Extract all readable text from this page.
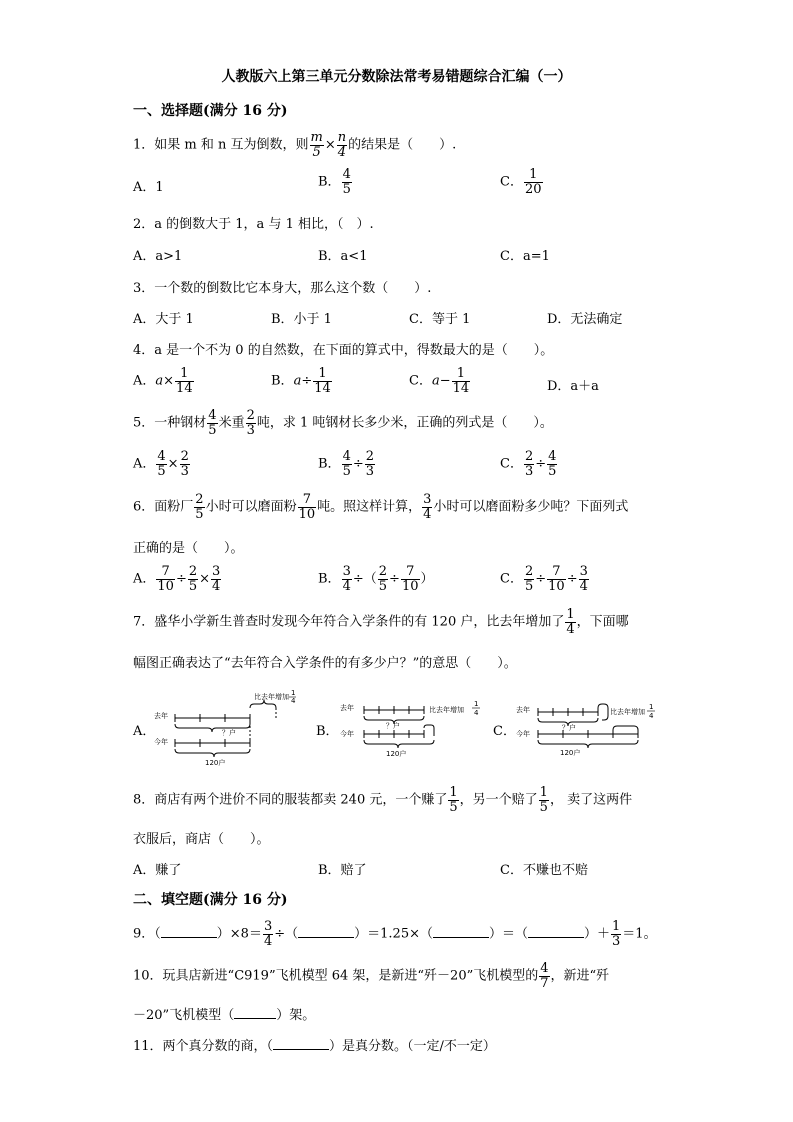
人教版六上第三单元分数除法常考易错题综合汇编（一）
一、选择题(满分 16 分)
1．如果 m 和 n 互为倒数，则 $\frac{m}{5} \times \frac{n}{4}$ 的结果是（　　）.
A．1	B． $\frac{4}{5}$	C． $\frac{1}{20}$
2．a 的倒数大于 1，a 与 1 相比，（　）.
A．a>1	B．a<1	C．a=1
3．一个数的倒数比它本身大，那么这个数（　　）.
A．大于 1	B．小于 1	C．等于 1	D．无法确定
4．a 是一个不为 0 的自然数，在下面的算式中，得数最大的是（　　）。
A．$a\times \frac{1}{14}$	B．$a\div \frac{1}{14}$	C．$a- \frac{1}{14}$	D．a＋a
5．一种钢材 $\frac{4}{5}$ 米重 $\frac{2}{3}$ 吨，求 1 吨钢材长多少米，正确的列式是（　　）。
A． $\frac{4}{5} \times \frac{2}{3}$	B． $\frac{4}{5} \div \frac{2}{3}$	C． $\frac{2}{3} \div \frac{4}{5}$
6．面粉厂 $\frac{2}{5}$ 小时可以磨面粉 $\frac{7}{10}$ 吨。照这样计算， $\frac{3}{4}$ 小时可以磨面粉多少吨？下面列式
正确的是（　　）。
A． $\frac{7}{10} \div \frac{2}{5} \times \frac{3}{4}$	B． $\frac{3}{4}$ ÷（ $\frac{2}{5} \div \frac{7}{10}$ ）	C． $\frac{2}{5} \div \frac{7}{10} \div \frac{3}{4}$
7．盛华小学新生普查时发现今年符合入学条件的有 120 户，比去年增加了 $\frac{1}{4}$ ，下面哪
幅图正确表达了“去年符合入学条件的有多少户？”的意思（　　）。
A．	B．	C．
去年
今年
？户
120户
比去年增加 1
4
去年
今年
？户
120户
比去年增加
1
4	去年
今年
？户
120户
比去年增加
1
4
8．商店有两个进价不同的服装都卖 240 元，一个赚了 $\frac{1}{5}$ ，另一个赔了 $\frac{1}{5}$ ， 卖了这两件
衣服后，商店（　　）。
A．赚了	B．赔了	C．不赚也不赔
二、填空题(满分 16 分)
9．（	）$\times 8= \frac{3}{4}$ ÷（	）＝1.25×（	）＝（	）＋ $\frac{1}{3} =1$。
10．玩具店新进“C919”飞机模型 64 架，是新进“歼－20”飞机模型的 $\frac{4}{7}$ ，新进“歼
－20”飞机模型（	）架。
11．两个真分数的商，（	）是真分数。（一定/不一定）
